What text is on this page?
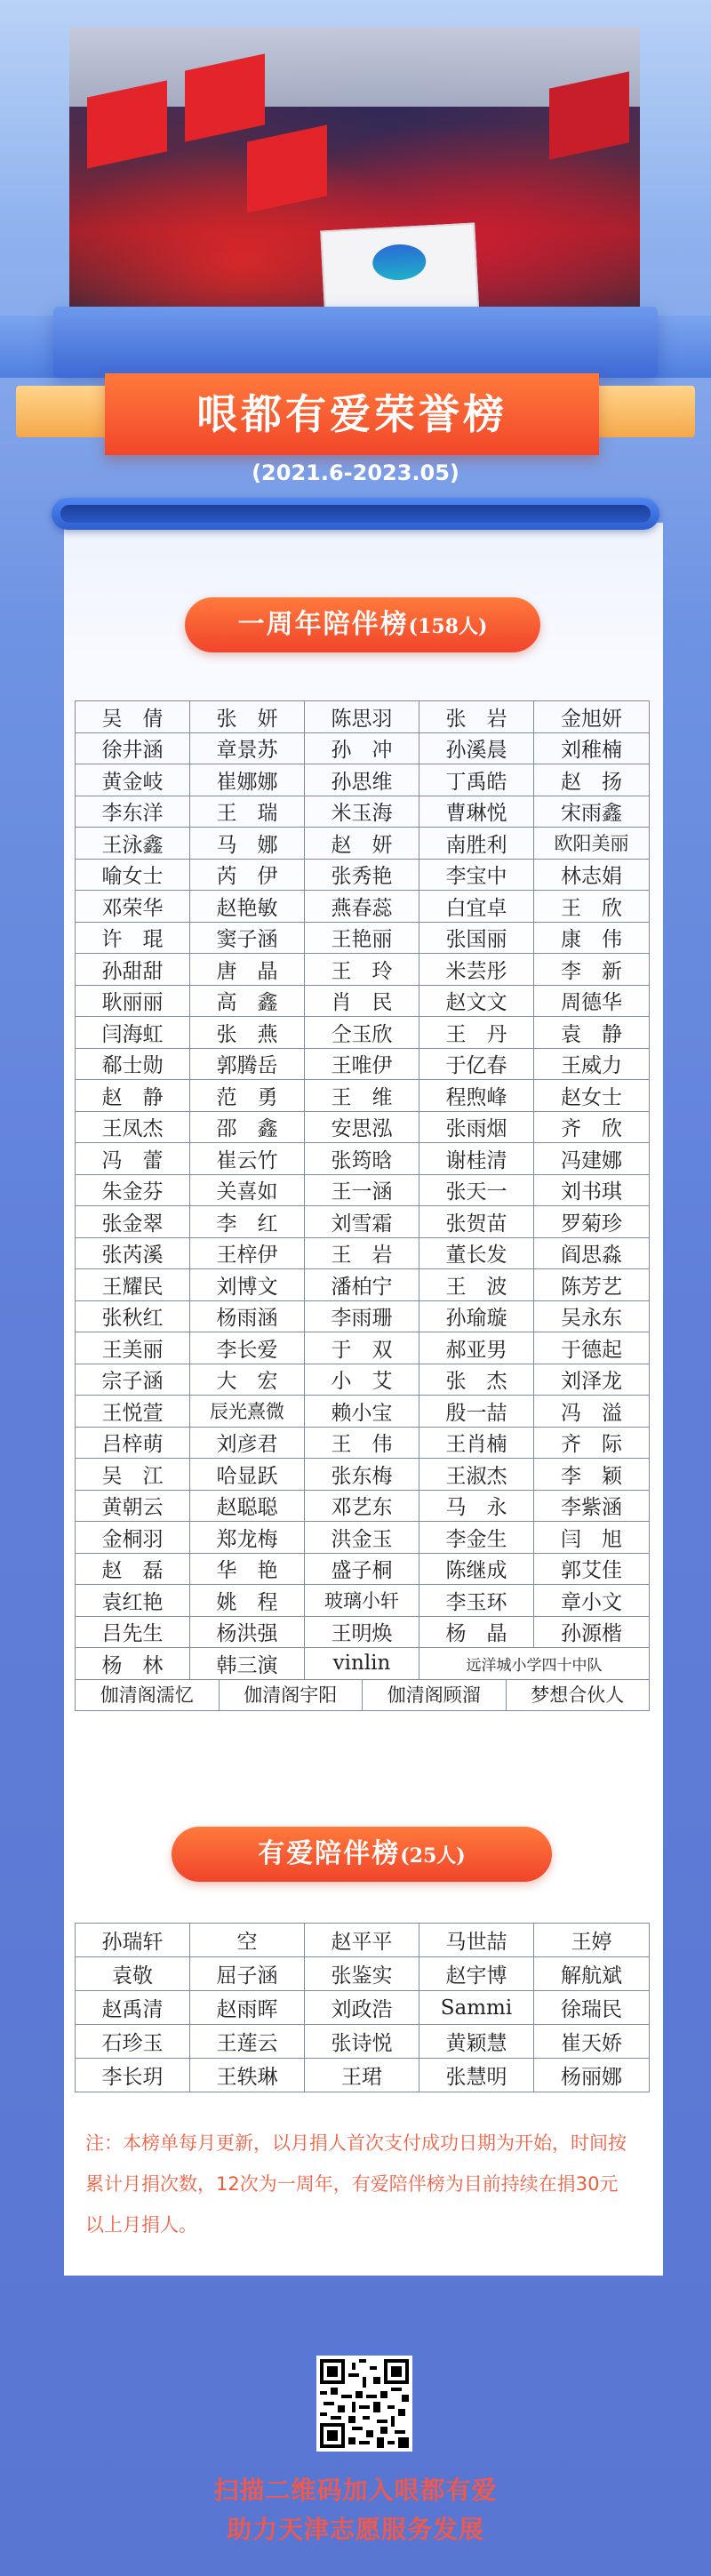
哏都有爱荣誉榜
(2021.6-2023.05)
一周年陪伴榜(158人)
吴　倩	张　妍	陈思羽	张　岩	金旭妍
徐井涵	章景苏	孙　冲	孙溪晨	刘稚楠
黄金岐	崔娜娜	孙思维	丁禹皓	赵　扬
李东洋	王　瑞	米玉海	曹琳悦	宋雨鑫
王泳鑫	马　娜	赵　妍	南胜利	欧阳美丽
喻女士	芮　伊	张秀艳	李宝中	林志娟
邓荣华	赵艳敏	燕春蕊	白宜卓	王　欣
许　琨	窦子涵	王艳丽	张国丽	康　伟
孙甜甜	唐　晶	王　玲	米芸彤	李　新
耿丽丽	高　鑫	肖　民	赵文文	周德华
闫海虹	张　燕	仝玉欣	王　丹	袁　静
郗士勋	郭腾岳	王唯伊	于亿春	王威力
赵　静	范　勇	王　维	程煦峰	赵女士
王凤杰	邵　鑫	安思泓	张雨烟	齐　欣
冯　蕾	崔云竹	张筠晗	谢桂清	冯建娜
朱金芬	关喜如	王一涵	张天一	刘书琪
张金翠	李　红	刘雪霜	张贺苗	罗菊珍
张芮溪	王梓伊	王　岩	董长发	阎思淼
王耀民	刘博文	潘柏宁	王　波	陈芳艺
张秋红	杨雨涵	李雨珊	孙瑜璇	吴永东
王美丽	李长爱	于　双	郝亚男	于德起
宗子涵	大　宏	小　艾	张　杰	刘泽龙
王悦萱	辰光熹微	赖小宝	殷一喆	冯　溢
吕梓萌	刘彦君	王　伟	王肖楠	齐　际
吴　江	哈显跃	张东梅	王淑杰	李　颖
黄朝云	赵聪聪	邓艺东	马　永	李紫涵
金桐羽	郑龙梅	洪金玉	李金生	闫　旭
赵　磊	华　艳	盛子桐	陈继成	郭艾佳
袁红艳	姚　程	玻璃小轩	李玉环	章小文
吕先生	杨洪强	王明焕	杨　晶	孙源楷
杨　林	韩三演	vinlin	远洋城小学四十中队	

伽清阁濡忆 伽清阁宇阳 伽清阁顾溜 梦想合伙人				
有爱陪伴榜(25人)
孙瑞轩	空	赵平平	马世喆	王婷
袁敬	屈子涵	张鉴实	赵宇博	解航斌
赵禹清	赵雨晖	刘政浩	Sammi	徐瑞民
石珍玉	王莲云	张诗悦	黄颖慧	崔天娇
李长玥	王轶琳	王珺	张慧明	杨丽娜
注：本榜单每月更新，以月捐人首次支付成功日期为开始，时间按累计月捐次数，12次为一周年，有爱陪伴榜为目前持续在捐30元以上月捐人。
扫描二维码加入哏都有爱
助力天津志愿服务发展
